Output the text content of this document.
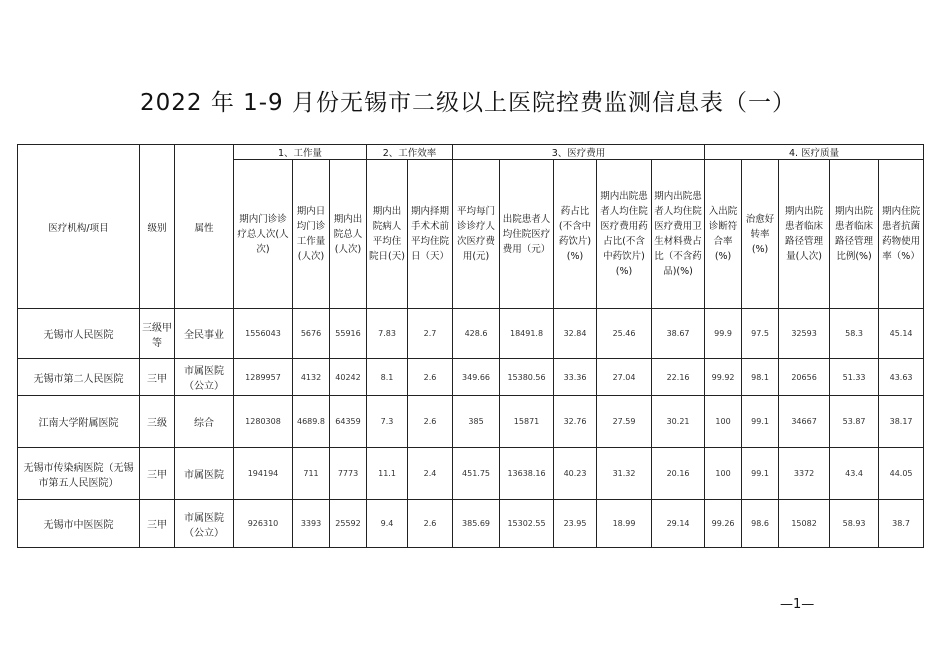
2022 年 1-9 月份无锡市二级以上医院控费监测信息表（一）
医疗机构/项目	级别	属性	1、工作量			2、工作效率		3、医疗费用					4. 医疗质量				
			期内门诊诊疗总人次(人次)	期内日均门诊工作量(人次)	期内出院总人(人次)	期内出院病人平均住院日(天)	期内择期手术术前平均住院日（天）	平均每门诊诊疗人次医疗费用(元)	出院患者人均住院医疗费用（元）	药占比(不含中药饮片)(%)	期内出院患者人均住院医疗费用药占比(不含中药饮片)(%)	期内出院患者人均住院医疗费用卫生材料费占比（不含药品)(%)	入出院诊断符合率(%)	治愈好转率(%)	期内出院患者临床路径管理量(人次)	期内出院患者临床路径管理比例(%)	期内住院患者抗菌药物使用率（%）
无锡市人民医院	三级甲等	全民事业	1556043	5676	55916	7.83	2.7	428.6	18491.8	32.84	25.46	38.67	99.9	97.5	32593	58.3	45.14
无锡市第二人民医院	三甲	市属医院（公立）	1289957	4132	40242	8.1	2.6	349.66	15380.56	33.36	27.04	22.16	99.92	98.1	20656	51.33	43.63
江南大学附属医院	三级	综合	1280308	4689.8	64359	7.3	2.6	385	15871	32.76	27.59	30.21	100	99.1	34667	53.87	38.17
无锡市传染病医院（无锡市第五人民医院）	三甲	市属医院	194194	711	7773	11.1	2.4	451.75	13638.16	40.23	31.32	20.16	100	99.1	3372	43.4	44.05
无锡市中医医院	三甲	市属医院（公立）	926310	3393	25592	9.4	2.6	385.69	15302.55	23.95	18.99	29.14	99.26	98.6	15082	58.93	38.7
—1—
